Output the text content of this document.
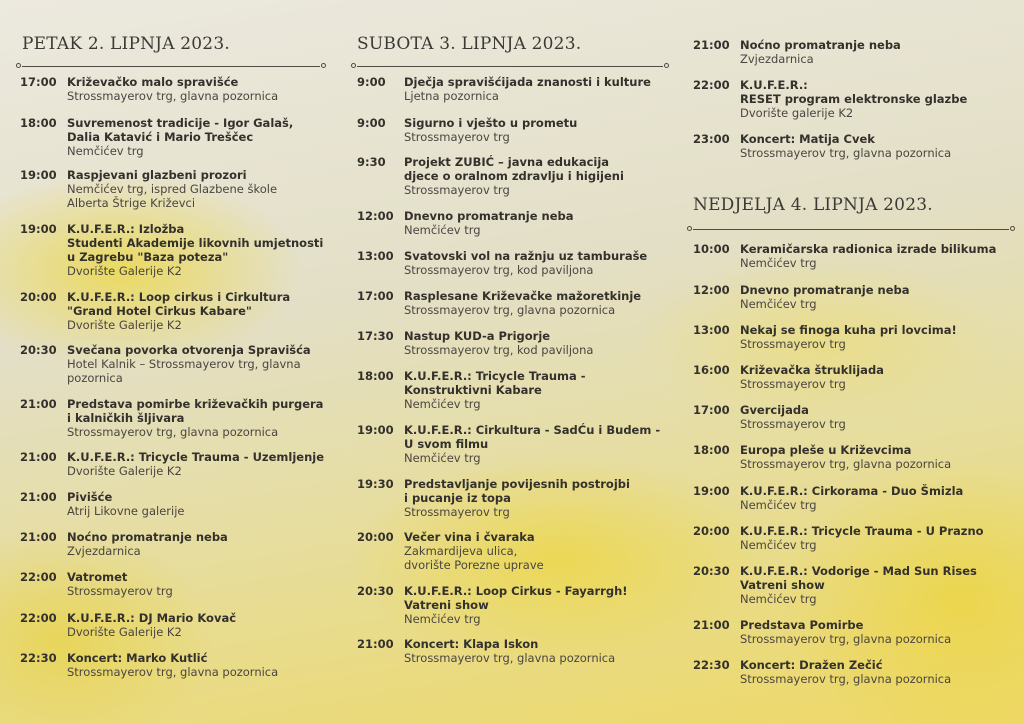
PETAK 2. LIPNJA 2023.
17:00 Križevačko malo spravišće
Strossmayerov trg, glavna pozornica
18:00 Suvremenost tradicije - Igor Galaš,
Dalia Katavić i Mario Treščec
Nemčićev trg
19:00 Raspjevani glazbeni prozori
Nemčićev trg, ispred Glazbene škole
Alberta Štrige Križevci
19:00 K.U.F.E.R.: Izložba
Studenti Akademije likovnih umjetnosti
u Zagrebu "Baza poteza"
Dvorište Galerije K2
20:00 K.U.F.E.R.: Loop cirkus i Cirkultura
"Grand Hotel Cirkus Kabare"
Dvorište Galerije K2
20:30 Svečana povorka otvorenja Spravišća
Hotel Kalnik – Strossmayerov trg, glavna
pozornica
21:00 Predstava pomirbe križevačkih purgera
i kalničkih šljivara
Strossmayerov trg, glavna pozornica
21:00 K.U.F.E.R.: Tricycle Trauma - Uzemljenje
Dvorište Galerije K2
21:00 Pivišće
Atrij Likovne galerije
21:00 Noćno promatranje neba
Zvjezdarnica
22:00 Vatromet
Strossmayerov trg
22:00 K.U.F.E.R.: DJ Mario Kovač
Dvorište Galerije K2
22:30 Koncert: Marko Kutlić
Strossmayerov trg, glavna pozornica
SUBOTA 3. LIPNJA 2023.
9:00	Dječja spravišćijada znanosti i kulture
Ljetna pozornica
9:00	Sigurno i vješto u prometu
Strossmayerov trg
9:30	Projekt ZUBIĆ – javna edukacija
djece o oralnom zdravlju i higijeni
Strossmayerov trg
12:00 Dnevno promatranje neba
Nemčićev trg
13:00 Svatovski vol na ražnju uz tamburaše
Strossmayerov trg, kod paviljona
17:00 Rasplesane Križevačke mažoretkinje
Strossmayerov trg, glavna pozornica
17:30 Nastup KUD-a Prigorje
Strossmayerov trg, kod paviljona
18:00 K.U.F.E.R.: Tricycle Trauma -
Konstruktivni Kabare
Nemčićev trg
19:00 K.U.F.E.R.: Cirkultura - SadĆu i Budem -
U svom filmu
Nemčićev trg
19:30 Predstavljanje povijesnih postrojbi
i pucanje iz topa
Strossmayerov trg
20:00 Večer vina i čvaraka
Zakmardijeva ulica,
dvorište Porezne uprave
20:30 K.U.F.E.R.: Loop Cirkus - Fayarrgh!
Vatreni show
Nemčićev trg
21:00 Koncert: Klapa Iskon
Strossmayerov trg, glavna pozornica
21:00 Noćno promatranje neba
Zvjezdarnica
22:00 K.U.F.E.R.:
RESET program elektronske glazbe
Dvorište galerije K2
23:00 Koncert: Matija Cvek
Strossmayerov trg, glavna pozornica
NEDJELJA 4. LIPNJA 2023.
10:00 Keramičarska radionica izrade bilikuma
Nemčićev trg
12:00 Dnevno promatranje neba
Nemčićev trg
13:00 Nekaj se finoga kuha pri lovcima!
Strossmayerov trg
16:00 Križevačka štruklijada
Strossmayerov trg
17:00 Gvercijada
Strossmayerov trg
18:00 Europa pleše u Križevcima
Strossmayerov trg, glavna pozornica
19:00 K.U.F.E.R.: Cirkorama - Duo Šmizla
Nemčićev trg
20:00 K.U.F.E.R.: Tricycle Trauma - U Prazno
Nemčićev trg
20:30 K.U.F.E.R.: Vodorige - Mad Sun Rises
Vatreni show
Nemčićev trg
21:00 Predstava Pomirbe
Strossmayerov trg, glavna pozornica
22:30 Koncert: Dražen Zečić
Strossmayerov trg, glavna pozornica
